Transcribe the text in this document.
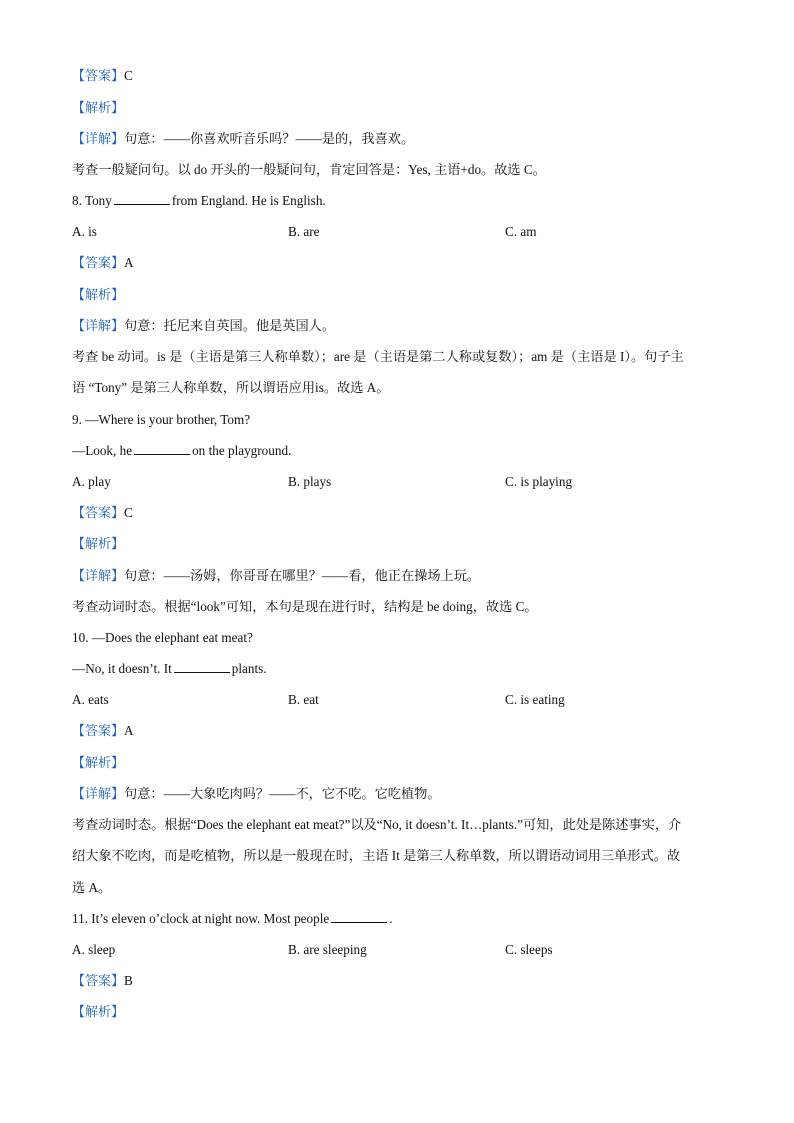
【答案】C
【解析】
【详解】句意：——你喜欢听音乐吗？——是的，我喜欢。
考查一般疑问句。以 do 开头的一般疑问句，肯定回答是：Yes, 主语+do。故选 C。
8. Tony	from England. He is English.
A. is	B. are	C. am
【答案】A
【解析】
【详解】句意：托尼来自英国。他是英国人。
考查 be 动词。is 是（主语是第三人称单数）；are 是（主语是第二人称或复数）；am 是（主语是 I）。句子主
语 “Tony” 是第三人称单数，所以谓语应用is。故选 A。
9. —Where is your brother, Tom?
—Look, he	on the playground.
A. play	B. plays	C. is playing
【答案】C
【解析】
【详解】句意：——汤姆，你哥哥在哪里？——看，他正在操场上玩。
考查动词时态。根据“look”可知，本句是现在进行时，结构是 be doing，故选 C。
10. —Does the elephant eat meat?
—No, it doesn’t. It	plants.
A. eats	B. eat	C. is eating
【答案】A
【解析】
【详解】句意：——大象吃肉吗？——不，它不吃。它吃植物。
考查动词时态。根据“Does the elephant eat meat?”以及“No, it doesn’t. It…plants.”可知，此处是陈述事实，介
绍大象不吃肉，而是吃植物，所以是一般现在时，主语 It 是第三人称单数，所以谓语动词用三单形式。故
选 A。
11. It’s eleven o’clock at night now. Most people	.
A. sleep	B. are sleeping	C. sleeps
【答案】B
【解析】
